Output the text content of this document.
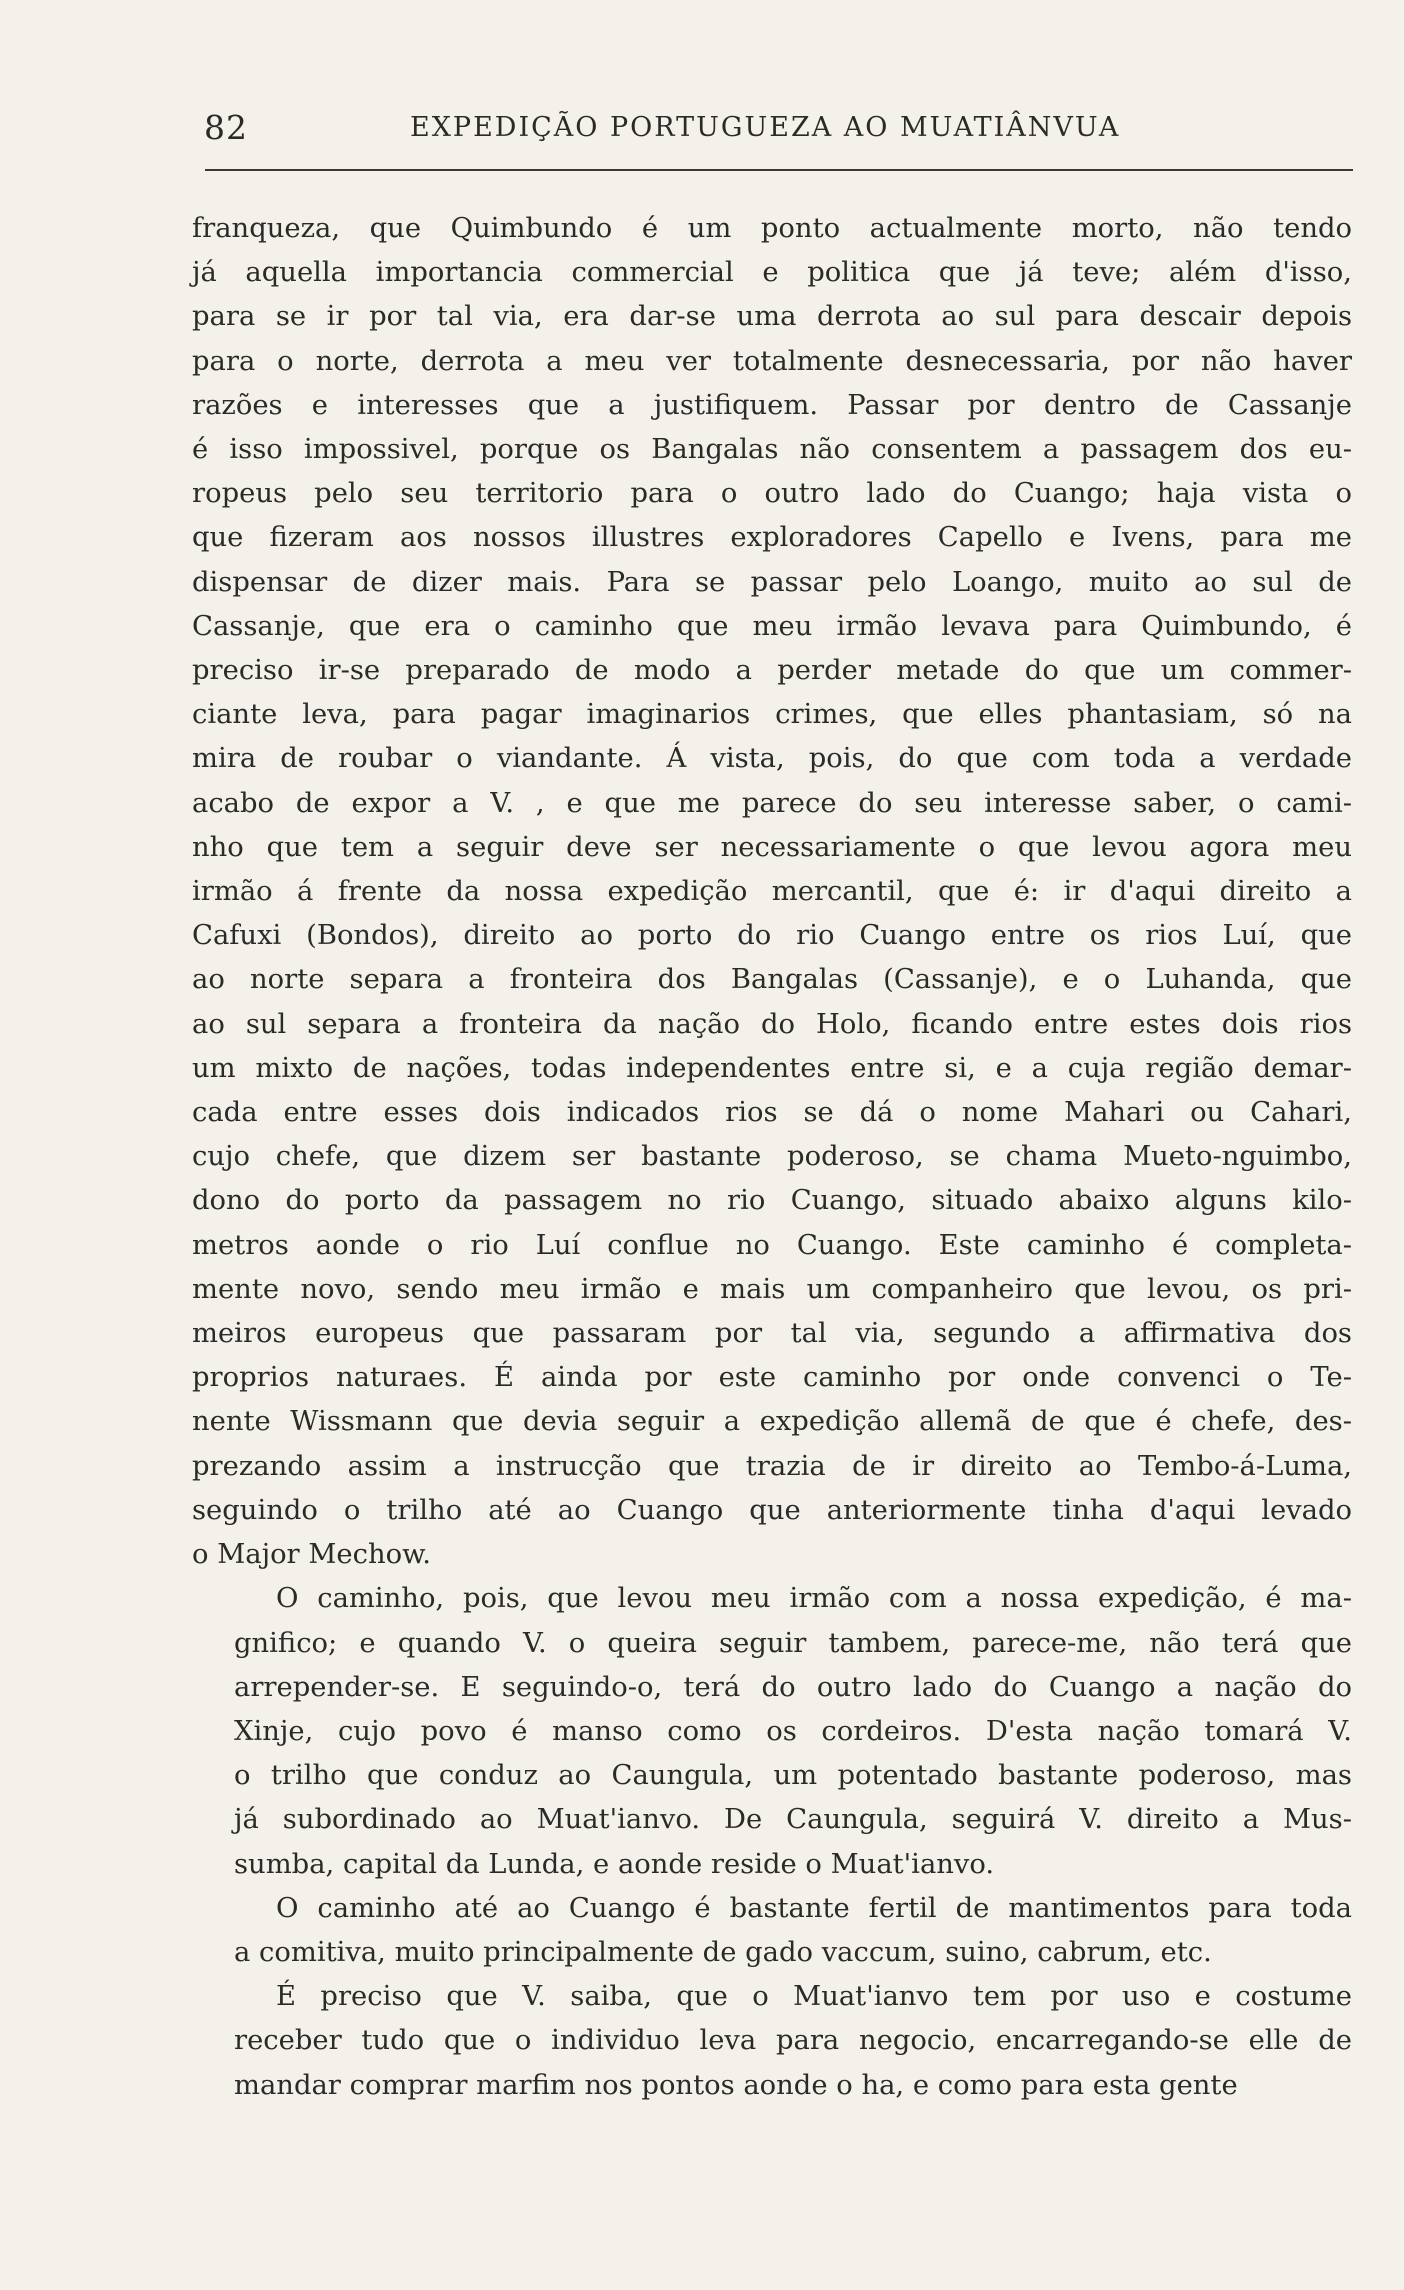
82	EXPEDIÇÃO PORTUGUEZA AO MUATIÂNVUA
franqueza, que Quimbundo é um ponto actualmente morto, não tendo
já aquella importancia commercial e politica que já teve; além d'isso,
para se ir por tal via, era dar-se uma derrota ao sul para descair depois
para o norte, derrota a meu ver totalmente desnecessaria, por não haver
razões e interesses que a justifiquem. Passar por dentro de Cassanje
é isso impossivel, porque os Bangalas não consentem a passagem dos eu-
ropeus pelo seu territorio para o outro lado do Cuango; haja vista o
que fizeram aos nossos illustres exploradores Capello e Ivens, para me
dispensar de dizer mais. Para se passar pelo Loango, muito ao sul de
Cassanje, que era o caminho que meu irmão levava para Quimbundo, é
preciso ir-se preparado de modo a perder metade do que um commer-
ciante leva, para pagar imaginarios crimes, que elles phantasiam, só na
mira de roubar o viandante. Á vista, pois, do que com toda a verdade
acabo de expor a V. , e que me parece do seu interesse saber, o cami-
nho que tem a seguir deve ser necessariamente o que levou agora meu
irmão á frente da nossa expedição mercantil, que é: ir d'aqui direito a
Cafuxi (Bondos), direito ao porto do rio Cuango entre os rios Luí, que
ao norte separa a fronteira dos Bangalas (Cassanje), e o Luhanda, que
ao sul separa a fronteira da nação do Holo, ficando entre estes dois rios
um mixto de nações, todas independentes entre si, e a cuja região demar-
cada entre esses dois indicados rios se dá o nome Mahari ou Cahari,
cujo chefe, que dizem ser bastante poderoso, se chama Mueto-nguimbo,
dono do porto da passagem no rio Cuango, situado abaixo alguns kilo-
metros aonde o rio Luí conflue no Cuango. Este caminho é completa-
mente novo, sendo meu irmão e mais um companheiro que levou, os pri-
meiros europeus que passaram por tal via, segundo a affirmativa dos
proprios naturaes. É ainda por este caminho por onde convenci o Te-
nente Wissmann que devia seguir a expedição allemã de que é chefe, des-
prezando assim a instrucção que trazia de ir direito ao Tembo-á-Luma,
seguindo o trilho até ao Cuango que anteriormente tinha d'aqui levado
o Major Mechow.
O caminho, pois, que levou meu irmão com a nossa expedição, é ma-
gnifico; e quando V. o queira seguir tambem, parece-me, não terá que
arrepender-se. E seguindo-o, terá do outro lado do Cuango a nação do
Xinje, cujo povo é manso como os cordeiros. D'esta nação tomará V.
o trilho que conduz ao Caungula, um potentado bastante poderoso, mas
já subordinado ao Muat'ianvo. De Caungula, seguirá V. direito a Mus-
sumba, capital da Lunda, e aonde reside o Muat'ianvo.
O caminho até ao Cuango é bastante fertil de mantimentos para toda
a comitiva, muito principalmente de gado vaccum, suino, cabrum, etc.
É preciso que V. saiba, que o Muat'ianvo tem por uso e costume
receber tudo que o individuo leva para negocio, encarregando-se elle de
mandar comprar marfim nos pontos aonde o ha, e como para esta gente
